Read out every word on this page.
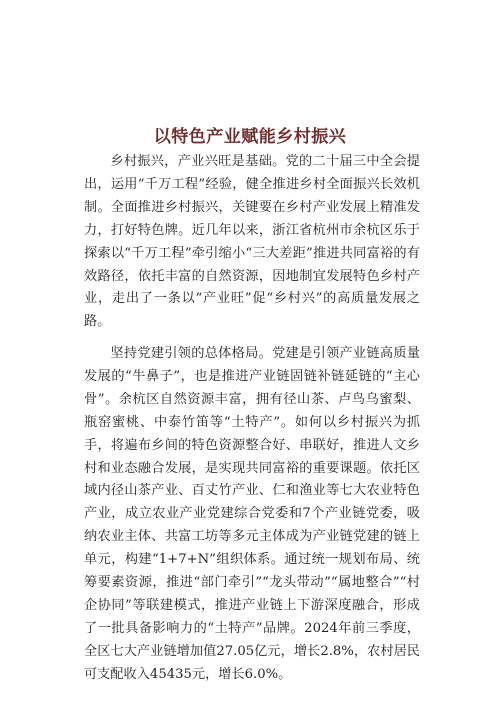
以特色产业赋能乡村振兴

乡村振兴，产业兴旺是基础。党的二十届三中全会提出，运用“千万工程”经验，健全推进乡村全面振兴长效机制。全面推进乡村振兴，关键要在乡村产业发展上精准发力，打好特色牌。近几年以来，浙江省杭州市余杭区乐于探索以“千万工程”牵引缩小“三大差距”推进共同富裕的有效路径，依托丰富的自然资源，因地制宜发展特色乡村产业，走出了一条以“产业旺”促“乡村兴”的高质量发展之路。

坚持党建引领的总体格局。党建是引领产业链高质量发展的“牛鼻子”，也是推进产业链固链补链延链的“主心骨”。余杭区自然资源丰富，拥有径山茶、卢鸟乌蜜梨、瓶窑蜜桃、中泰竹笛等“土特产”。如何以乡村振兴为抓手，将遍布乡间的特色资源整合好、串联好，推进人文乡村和业态融合发展，是实现共同富裕的重要课题。依托区域内径山茶产业、百丈竹产业、仁和渔业等七大农业特色产业，成立农业产业党建综合党委和7个产业链党委，吸纳农业主体、共富工坊等多元主体成为产业链党建的链上单元，构建“1+7+N”组织体系。通过统一规划布局、统筹要素资源，推进“部门牵引”“龙头带动”“属地整合”“村企协同”等联建模式，推进产业链上下游深度融合，形成了一批具备影响力的“土特产”品牌。2024年前三季度，全区七大产业链增加值27.05亿元，增长2.8%，农村居民可支配收入45435元，增长6.0%。
